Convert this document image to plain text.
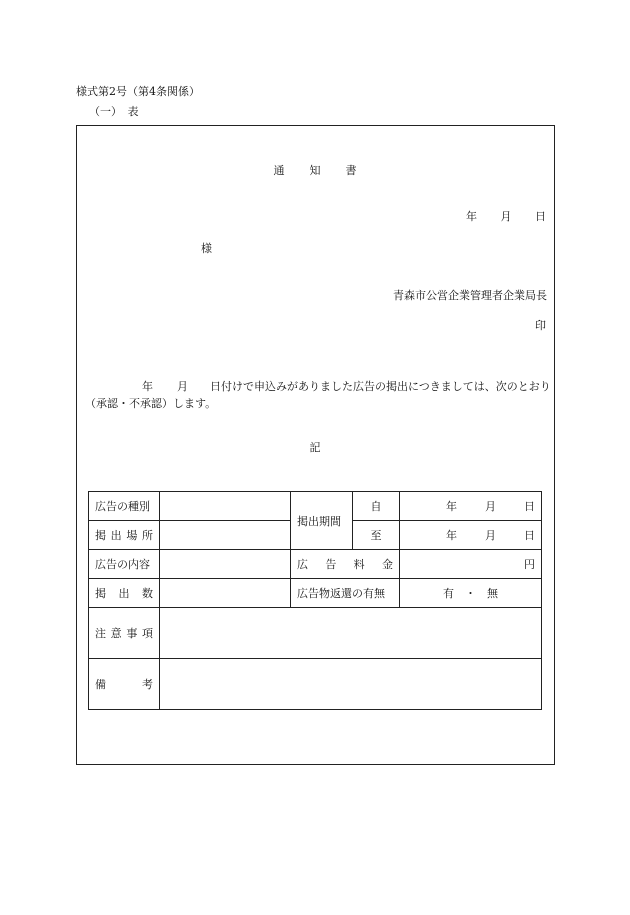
様式第2号（第4条関係）
（一）　表
通知書
年 月 日
様
青森市公営企業管理者企業局長
印
年 月 日付けで申込みがありました広告の掲出につきましては、次のとおり（承認・不承認）します。
記
広告の種別		掲出期間	自	年 月 日
掲出場所			至	年 月 日
広告の内容		広告料金		円
掲出数		広告物返還の有無		有　・　無
注意事項				
備考				
